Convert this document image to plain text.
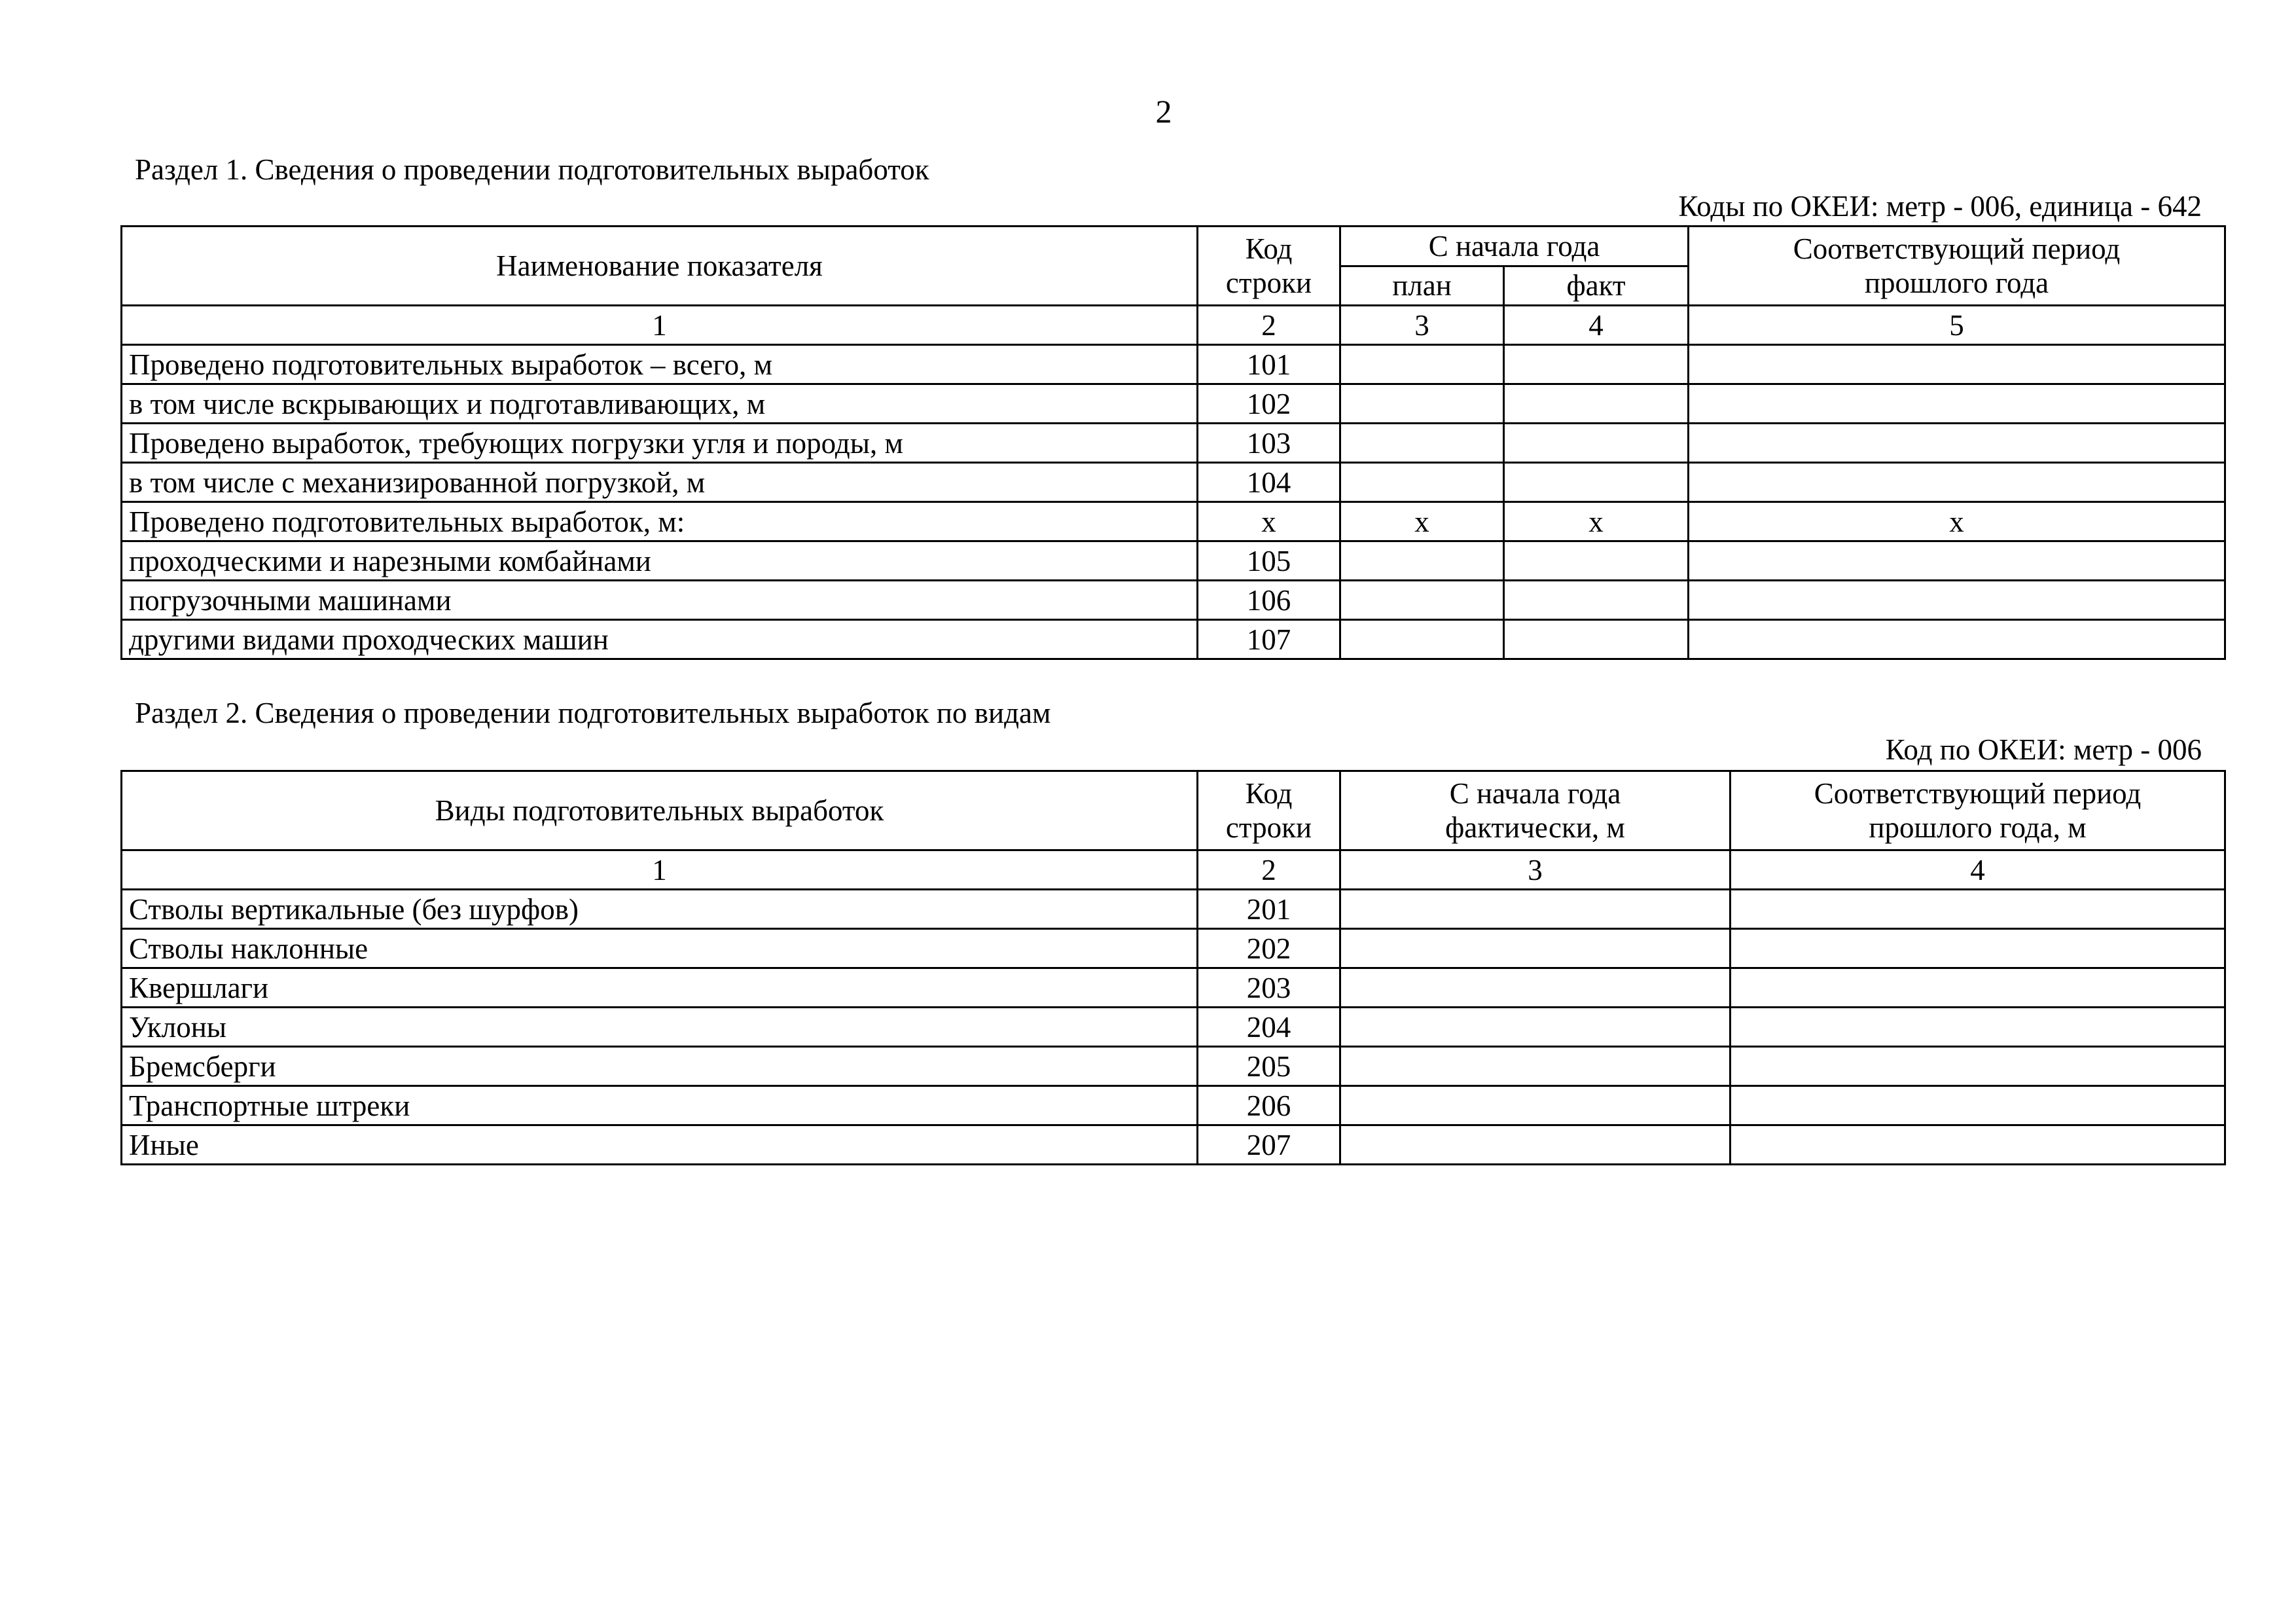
2
Раздел 1. Сведения о проведении подготовительных выработок
Коды по ОКЕИ: метр - 006, единица - 642
Наименование показателя	Код строки	С начала года		Соответствующий период прошлого года
		план	факт	
1	2	3	4	5
Проведено подготовительных выработок – всего, м	101			
в том числе вскрывающих и подготавливающих, м	102			
Проведено выработок, требующих погрузки угля и породы, м	103			
в том числе с механизированной погрузкой, м	104			
Проведено подготовительных выработок, м:	x	x	x	x
проходческими и нарезными комбайнами	105			
погрузочными машинами	106			
другими видами проходческих машин	107			
Раздел 2. Сведения о проведении подготовительных выработок по видам
Код по ОКЕИ: метр - 006
Виды подготовительных выработок	Код строки	С начала года фактически, м	Соответствующий период прошлого года, м
1	2	3	4
Стволы вертикальные (без шурфов)	201		
Стволы наклонные	202		
Квершлаги	203		
Уклоны	204		
Бремсберги	205		
Транспортные штреки	206		
Иные	207		
